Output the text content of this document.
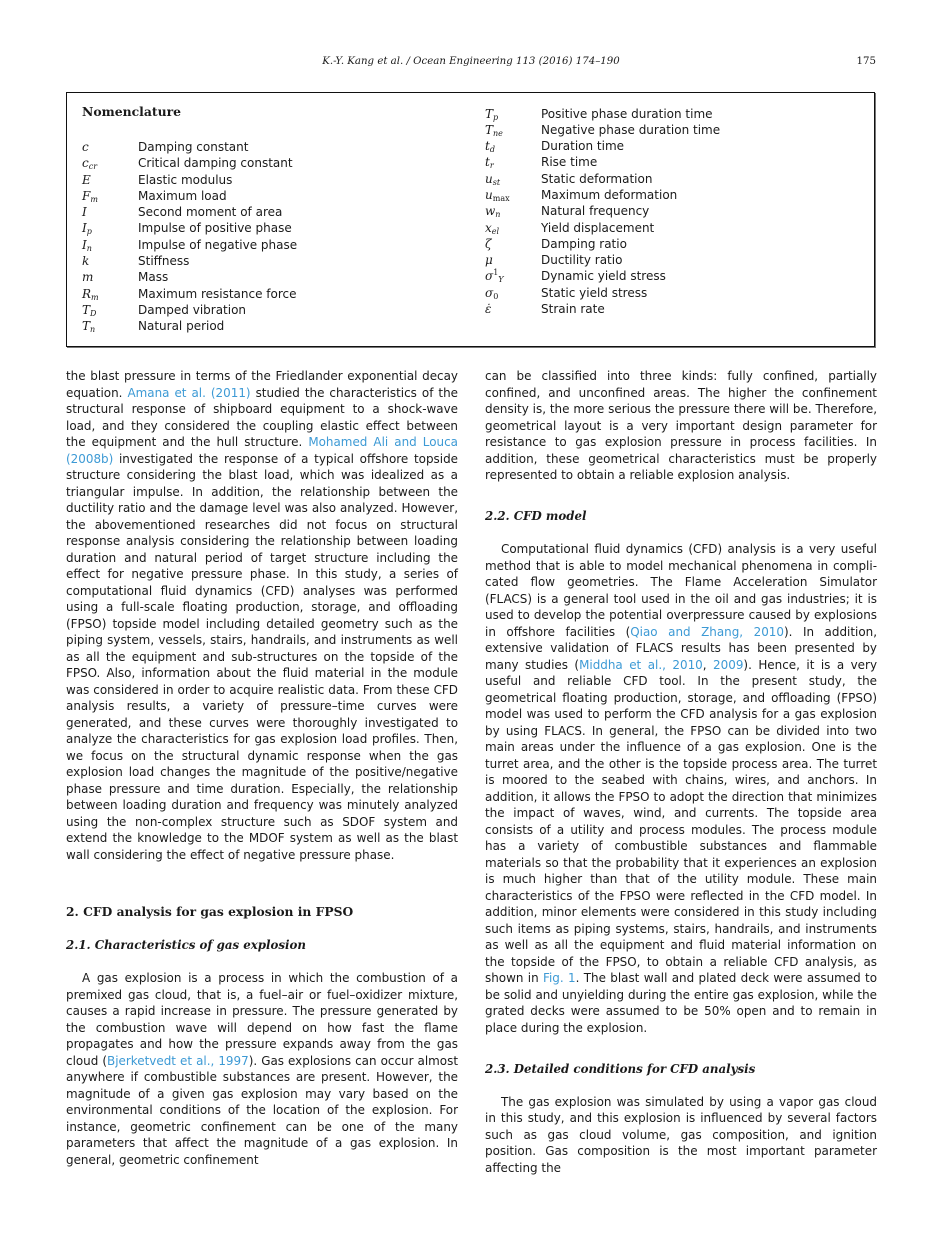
K.-Y. Kang et al. / Ocean Engineering 113 (2016) 174–190	175
Nomenclature
c	Damping constant
$c_{cr}$	Critical damping constant
E	Elastic modulus
$F_m$	Maximum load
I	Second moment of area
$I_p$	Impulse of positive phase
$I_n$	Impulse of negative phase
k	Stiffness
m	Mass
$R_m$	Maximum resistance force
$T_D$	Damped vibration
$T_n$	Natural period
$T_p$	Positive phase duration time
$T_{ne}$	Negative phase duration time
$t_d$	Duration time
$t_r$	Rise time
$u_{st}$	Static deformation
$u_{max}$	Maximum deformation
$w_n$	Natural frequency
$x_{el}$	Yield displacement
ζ	Damping ratio
μ	Ductility ratio
$\sigma^1_Y$	Dynamic yield stress
$\sigma_0$	Static yield stress
ε̇	Strain rate

the blast pressure in terms of the Friedlander exponential decay equation. Amana et al. (2011) studied the characteristics of the structural response of shipboard equipment to a shock-wave load, and they considered the coupling elastic effect between the equipment and the hull structure. Mohamed Ali and Louca (2008b) investigated the response of a typical offshore topside structure considering the blast load, which was idealized as a triangular impulse. In addition, the relationship between the ductility ratio and the damage level was also analyzed. However, the abovementioned researches did not focus on structural response analysis considering the relationship between loading duration and natural period of target structure including the effect for negative pressure phase. In this study, a series of computational fluid dynamics (CFD) analyses was performed using a full-scale floating production, storage, and offloading (FPSO) topside model including detailed geometry such as the piping system, vessels, stairs, handrails, and instruments as well as all the equipment and sub-structures on the topside of the FPSO. Also, information about the fluid material in the module was considered in order to acquire realistic data. From these CFD analysis results, a variety of pressure–time curves were generated, and these curves were thoroughly investigated to analyze the characteristics for gas explosion load profiles. Then, we focus on the structural dynamic response when the gas explosion load changes the magnitude of the positive/negative phase pressure and time duration. Especially, the relationship between loading duration and frequency was minutely analyzed using the non-complex structure such as SDOF system and extend the knowledge to the MDOF system as well as the blast wall considering the effect of negative pressure phase.

2. CFD analysis for gas explosion in FPSO
2.1. Characteristics of gas explosion

A gas explosion is a process in which the combustion of a premixed gas cloud, that is, a fuel–air or fuel–oxidizer mixture, causes a rapid increase in pressure. The pressure generated by the combustion wave will depend on how fast the flame propagates and how the pressure expands away from the gas cloud (Bjerketvedt et al., 1997). Gas explosions can occur almost anywhere if combustible substances are present. However, the magnitude of a given gas explosion may vary based on the environmental conditions of the location of the explosion. For instance, geometric confinement can be one of the many parameters that affect the magnitude of a gas explosion. In general, geometric confinement

can be classified into three kinds: fully confined, partially confined, and unconfined areas. The higher the confinement density is, the more serious the pressure there will be. Therefore, geometrical layout is a very important design parameter for resistance to gas explosion pressure in process facilities. In addition, these geometrical characteristics must be properly represented to obtain a reliable explosion analysis.

2.2. CFD model

Computational fluid dynamics (CFD) analysis is a very useful method that is able to model mechanical phenomena in complicated flow geometries. The Flame Acceleration Simulator (FLACS) is a general tool used in the oil and gas industries; it is used to develop the potential overpressure caused by explosions in offshore facilities (Qiao and Zhang, 2010). In addition, extensive validation of FLACS results has been presented by many studies (Middha et al., 2010, 2009). Hence, it is a very useful and reliable CFD tool. In the present study, the geometrical floating production, storage, and offloading (FPSO) model was used to perform the CFD analysis for a gas explosion by using FLACS. In general, the FPSO can be divided into two main areas under the influence of a gas explosion. One is the turret area, and the other is the topside process area. The turret is moored to the seabed with chains, wires, and anchors. In addition, it allows the FPSO to adopt the direction that minimizes the impact of waves, wind, and currents. The topside area consists of a utility and process modules. The process module has a variety of combustible substances and flammable materials so that the probability that it experiences an explosion is much higher than that of the utility module. These main characteristics of the FPSO were reflected in the CFD model. In addition, minor elements were considered in this study including such items as piping systems, stairs, handrails, and instruments as well as all the equipment and fluid material information on the topside of the FPSO, to obtain a reliable CFD analysis, as shown in Fig. 1. The blast wall and plated deck were assumed to be solid and unyielding during the entire gas explosion, while the grated decks were assumed to be 50% open and to remain in place during the explosion.

2.3. Detailed conditions for CFD analysis

The gas explosion was simulated by using a vapor gas cloud in this study, and this explosion is influenced by several factors such as gas cloud volume, gas composition, and ignition position. Gas composition is the most important parameter affecting the
